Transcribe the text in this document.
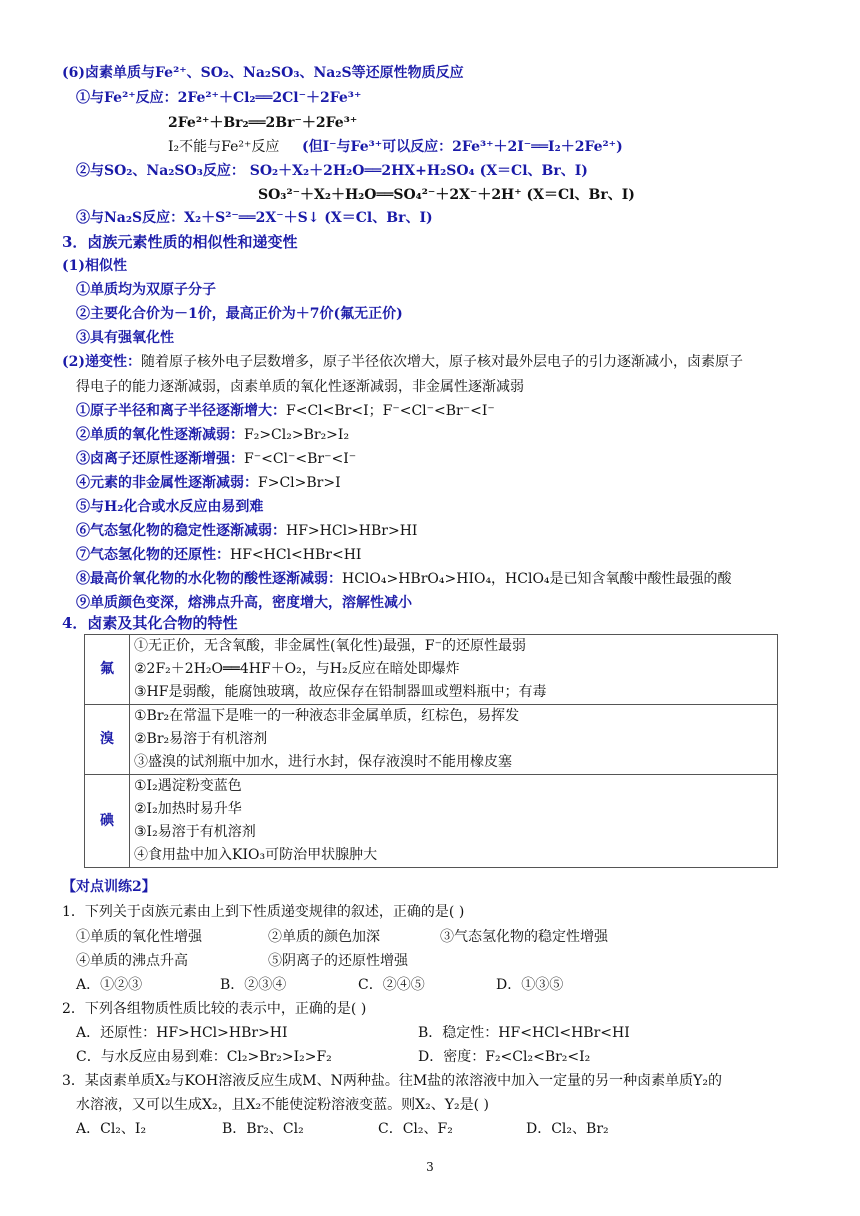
(6)卤素单质与Fe²⁺、SO₂、Na₂SO₃、Na₂S等还原性物质反应
①与Fe²⁺反应：2Fe²⁺＋Cl₂══2Cl⁻＋2Fe³⁺
2Fe²⁺＋Br₂══2Br⁻＋2Fe³⁺
I₂不能与Fe²⁺反应 (但I⁻与Fe³⁺可以反应：2Fe³⁺＋2I⁻══I₂＋2Fe²⁺)
②与SO₂、Na₂SO₃反应： SO₂＋X₂＋2H₂O══2HX+H₂SO₄ (X＝Cl、Br、I)
SO₃²⁻＋X₂＋H₂O══SO₄²⁻＋2X⁻＋2H⁺ (X＝Cl、Br、I)
③与Na₂S反应：X₂＋S²⁻══2X⁻＋S↓ (X＝Cl、Br、I)
3．卤族元素性质的相似性和递变性
(1)相似性
①单质均为双原子分子
②主要化合价为－1价，最高正价为＋7价(氟无正价)
③具有强氧化性
(2)递变性：随着原子核外电子层数增多，原子半径依次增大，原子核对最外层电子的引力逐渐减小，卤素原子
得电子的能力逐渐减弱，卤素单质的氧化性逐渐减弱，非金属性逐渐减弱
①原子半径和离子半径逐渐增大：F<Cl<Br<I；F⁻<Cl⁻<Br⁻<I⁻
②单质的氧化性逐渐减弱：F₂>Cl₂>Br₂>I₂
③卤离子还原性逐渐增强：F⁻<Cl⁻<Br⁻<I⁻
④元素的非金属性逐渐减弱：F>Cl>Br>I
⑤与H₂化合或水反应由易到难
⑥气态氢化物的稳定性逐渐减弱：HF>HCl>HBr>HI
⑦气态氢化物的还原性：HF<HCl<HBr<HI
⑧最高价氧化物的水化物的酸性逐渐减弱：HClO₄>HBrO₄>HIO₄，HClO₄是已知含氧酸中酸性最强的酸
⑨单质颜色变深，熔沸点升高，密度增大，溶解性减小
4．卤素及其化合物的特性
氟	①无正价，无含氧酸，非金属性(氧化性)最强，F⁻的还原性最弱
②2F₂＋2H₂O══4HF＋O₂，与H₂反应在暗处即爆炸
③HF是弱酸，能腐蚀玻璃，故应保存在铅制器皿或塑料瓶中；有毒

溴	①Br₂在常温下是唯一的一种液态非金属单质，红棕色，易挥发
②Br₂易溶于有机溶剂
③盛溴的试剂瓶中加水，进行水封，保存液溴时不能用橡皮塞

碘	①I₂遇淀粉变蓝色
②I₂加热时易升华
③I₂易溶于有机溶剂
④食用盐中加入KIO₃可防治甲状腺肿大
【对点训练2】
1．下列关于卤族元素由上到下性质递变规律的叙述，正确的是( )
①单质的氧化性增强	②单质的颜色加深	③气态氢化物的稳定性增强
④单质的沸点升高	⑤阴离子的还原性增强
A．①②③	B．②③④	C．②④⑤	D．①③⑤
2．下列各组物质性质比较的表示中，正确的是( )
A．还原性：HF>HCl>HBr>HI	B．稳定性：HF<HCl<HBr<HI
C．与水反应由易到难：Cl₂>Br₂>I₂>F₂	D．密度：F₂<Cl₂<Br₂<I₂
3．某卤素单质X₂与KOH溶液反应生成M、N两种盐。往M盐的浓溶液中加入一定量的另一种卤素单质Y₂的
水溶液，又可以生成X₂，且X₂不能使淀粉溶液变蓝。则X₂、Y₂是( )
A．Cl₂、I₂	B．Br₂、Cl₂	C．Cl₂、F₂	D．Cl₂、Br₂
3
